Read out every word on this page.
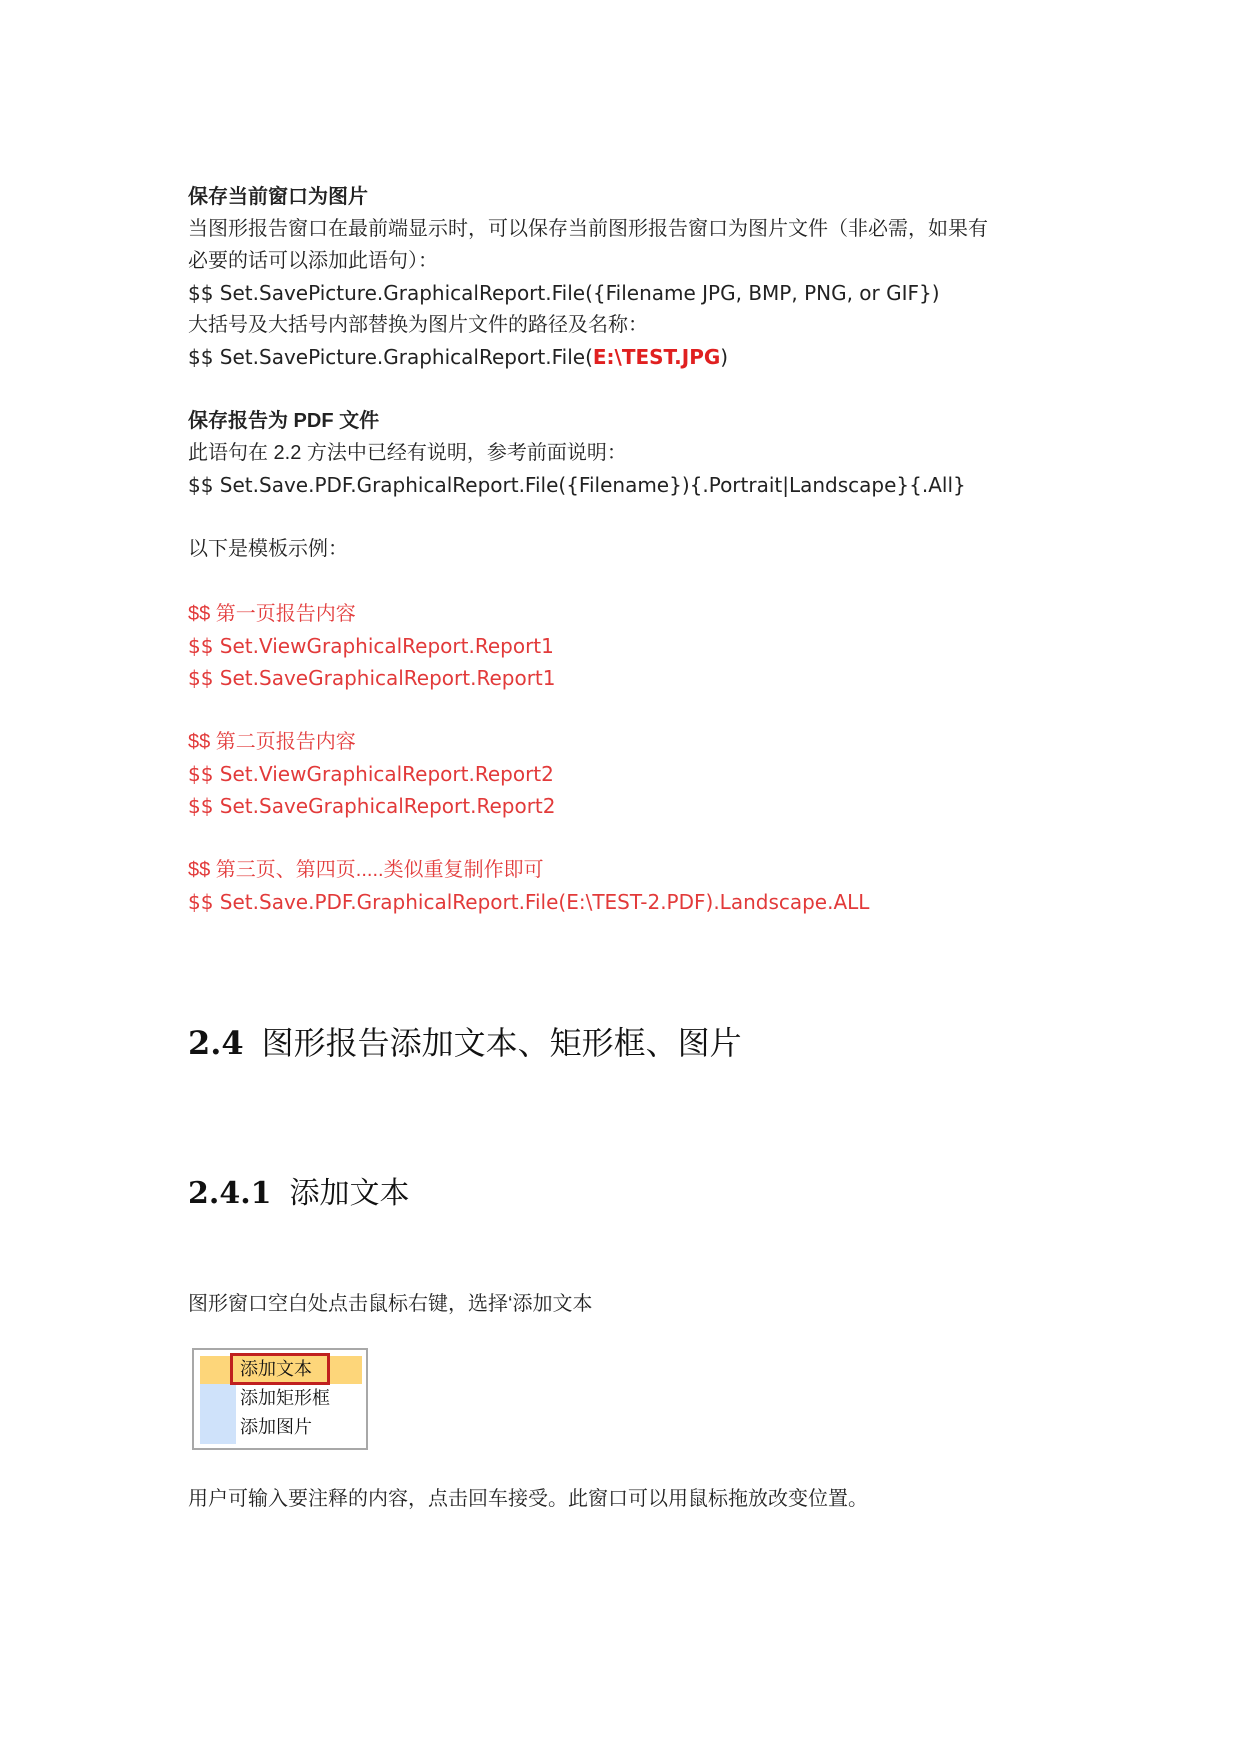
保存当前窗口为图片
当图形报告窗口在最前端显示时，可以保存当前图形报告窗口为图片文件（非必需，如果有
必要的话可以添加此语句）：
$$ Set.SavePicture.GraphicalReport.File({Filename JPG, BMP, PNG, or GIF})
大括号及大括号内部替换为图片文件的路径及名称：
$$ Set.SavePicture.GraphicalReport.File(E:\TEST.JPG)
保存报告为 PDF 文件
此语句在 2.2 方法中已经有说明，参考前面说明：
$$ Set.Save.PDF.GraphicalReport.File({Filename}){.Portrait|Landscape}{.All}
以下是模板示例：
$$ 第一页报告内容
$$ Set.ViewGraphicalReport.Report1
$$ Set.SaveGraphicalReport.Report1
$$ 第二页报告内容
$$ Set.ViewGraphicalReport.Report2
$$ Set.SaveGraphicalReport.Report2
$$ 第三页、第四页.....类似重复制作即可
$$ Set.Save.PDF.GraphicalReport.File(E:\TEST-2.PDF).Landscape.ALL
2.4 图形报告添加文本、矩形框、图片
2.4.1 添加文本
图形窗口空白处点击鼠标右键，选择‘添加文本
添加文本
添加矩形框
添加图片
用户可输入要注释的内容，点击回车接受。此窗口可以用鼠标拖放改变位置。
